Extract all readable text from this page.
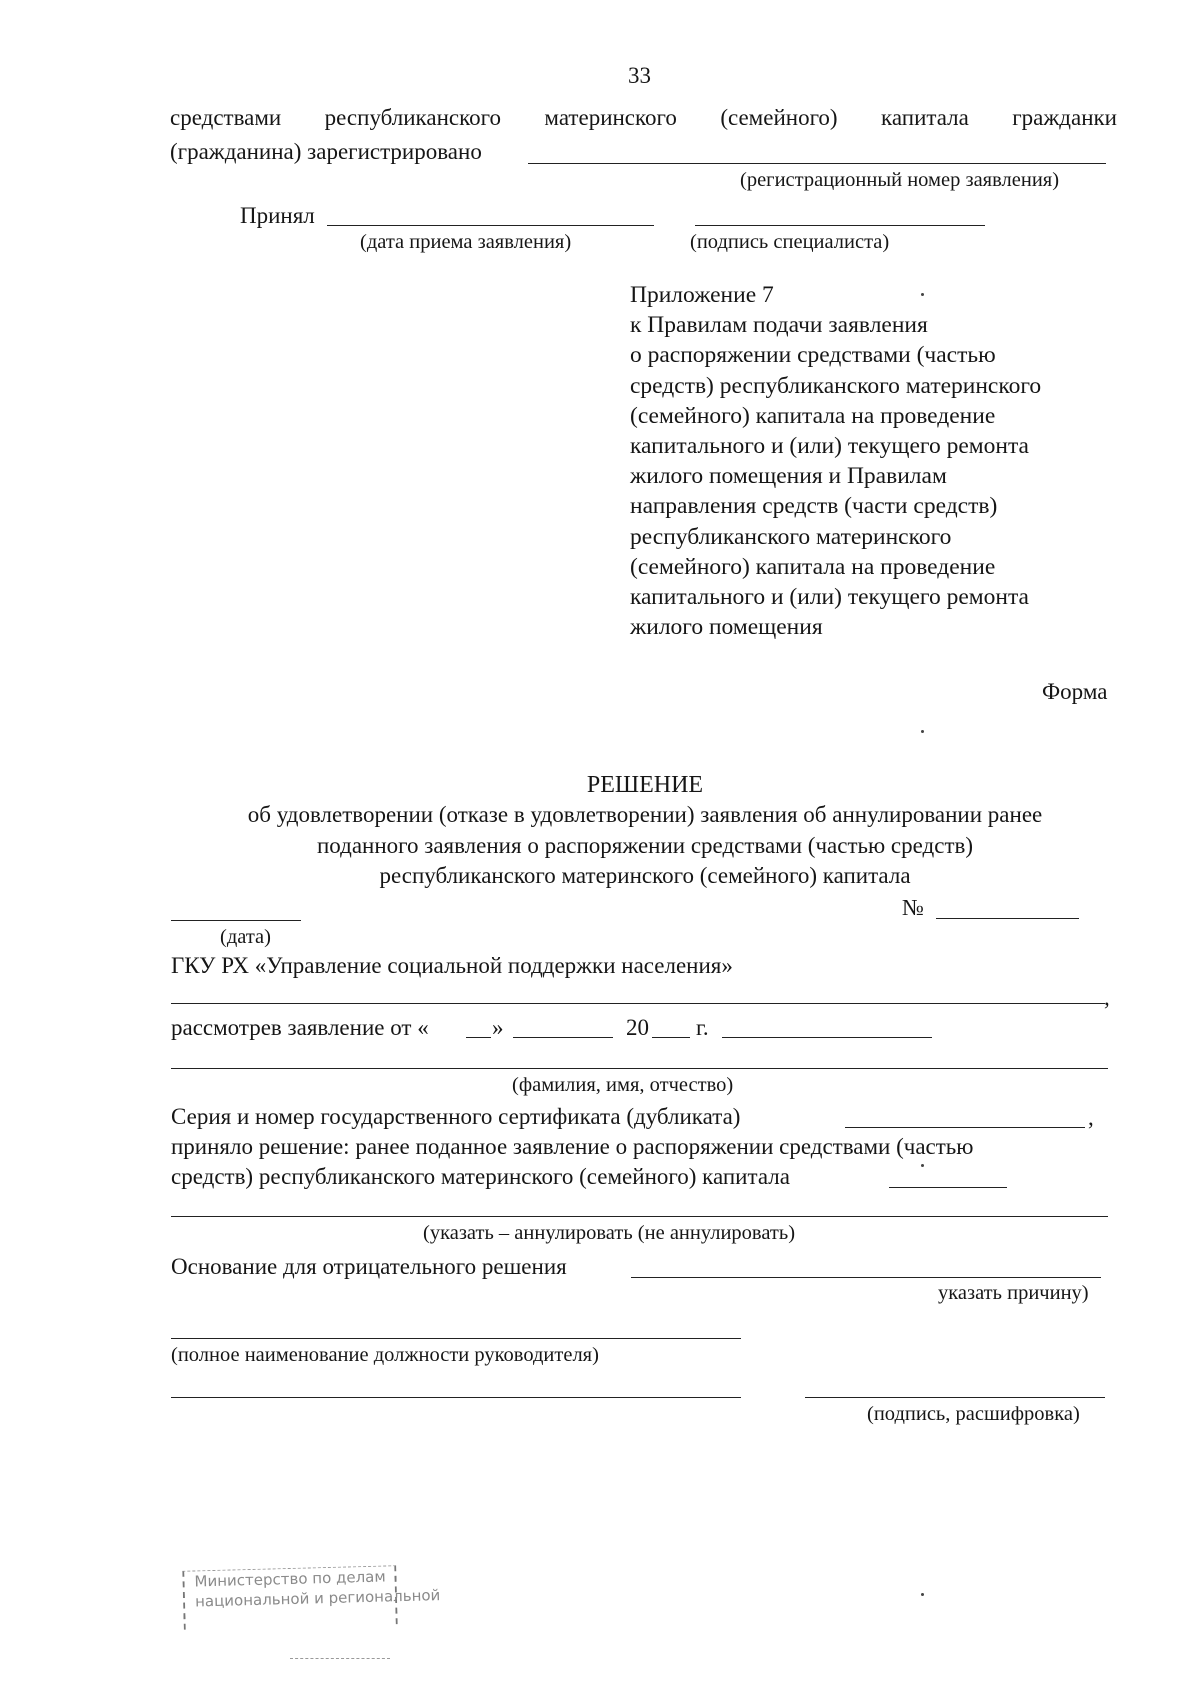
33
средствами республиканского материнского (семейного) капитала гражданки
(гражданина) зарегистрировано
(регистрационный номер заявления)
Принял
(дата приема заявления)	(подпись специалиста)
Приложение 7
к Правилам подачи заявления
о распоряжении средствами (частью
средств) республиканского материнского
(семейного) капитала на проведение
капитального и (или) текущего ремонта
жилого помещения и Правилам
направления средств (части средств)
республиканского материнского
(семейного) капитала на проведение
капитального и (или) текущего ремонта
жилого помещения
Форма
РЕШЕНИЕ
об удовлетворении (отказе в удовлетворении) заявления об аннулировании ранее
поданного заявления о распоряжении средствами (частью средств)
республиканского материнского (семейного) капитала
№
(дата)
ГКУ РХ «Управление социальной поддержки населения»
,
рассмотрев заявление от «	»	20 г.
(фамилия, имя, отчество)
Серия и номер государственного сертификата (дубликата)	,
приняло решение: ранее поданное заявление о распоряжении средствами (частью
средств) республиканского материнского (семейного) капитала
(указать – аннулировать (не аннулировать)
Основание для отрицательного решения
указать причину)
(полное наименование должности руководителя)
(подпись, расшифровка)
Министерство по делам
национальной и региональной
